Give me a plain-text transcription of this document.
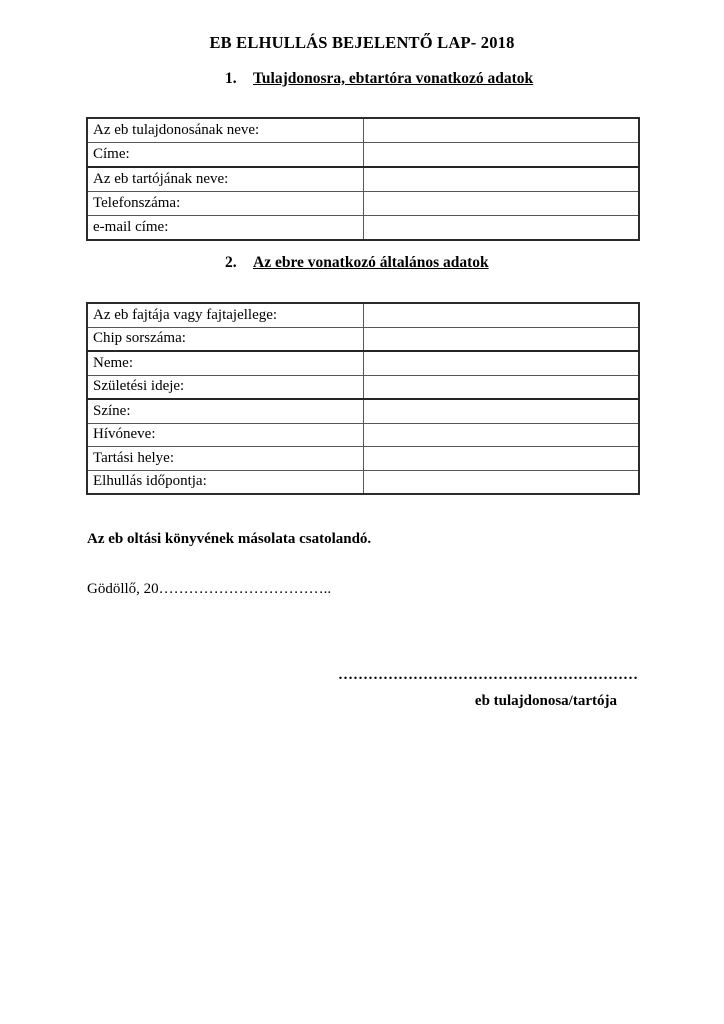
EB ELHULLÁS BEJELENTŐ LAP- 2018
1. Tulajdonosra, ebtartóra vonatkozó adatok
Az eb tulajdonosának neve:	
Címe:	
Az eb tartójának neve:	
Telefonszáma:	
e-mail címe:	
2. Az ebre vonatkozó általános adatok
Az eb fajtája vagy fajtajellege:	
Chip sorszáma:	
Neme:	
Születési ideje:	
Színe:	
Hívóneve:	
Tartási helye:	
Elhullás időpontja:	
Az eb oltási könyvének másolata csatolandó.
Gödöllő, 20……………………………..
……………………………………………………
eb tulajdonosa/tartója
